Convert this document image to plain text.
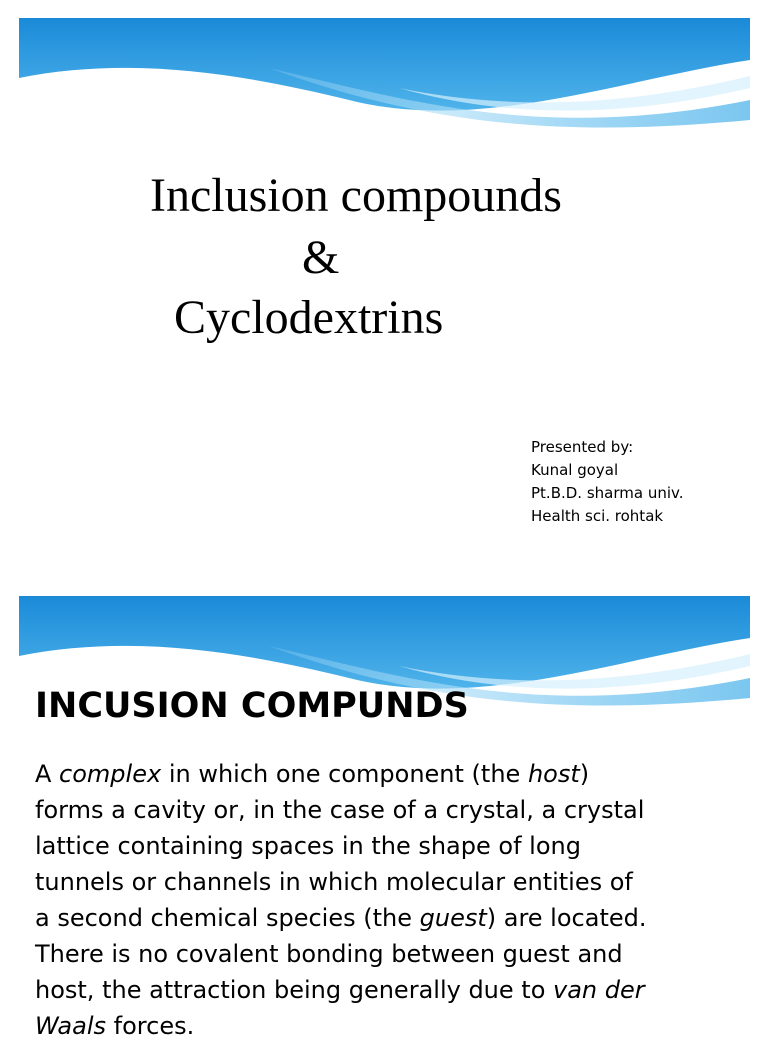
Inclusion compounds
&
Cyclodextrins
Presented by:
Kunal goyal
Pt.B.D. sharma univ.
Health sci. rohtak
INCUSION COMPUNDS

A complex in which one component (the host)
forms a cavity or, in the case of a crystal, a crystal
lattice containing spaces in the shape of long
tunnels or channels in which molecular entities of
a second chemical species (the guest) are located.
There is no covalent bonding between guest and
host, the attraction being generally due to van der
Waals forces.
